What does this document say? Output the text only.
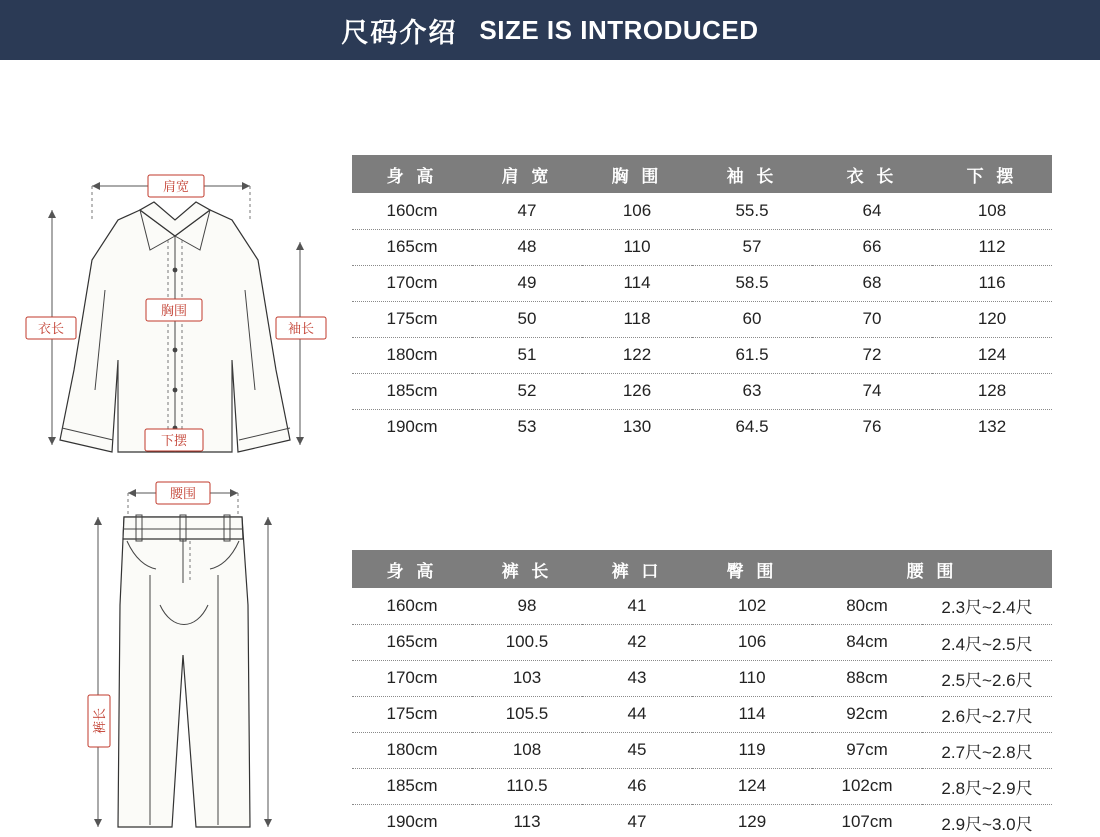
尺码介绍 SIZE IS INTRODUCED
肩宽
胸围
衣长	袖长
下摆
身 高	肩 宽	胸 围	袖 长	衣 长	下 摆
160cm	47	106	55.5	64	108
165cm	48	110	57	66	112
170cm	49	114	58.5	68	116
175cm	50	118	60	70	120
180cm	51	122	61.5	72	124
185cm	52	126	63	74	128
190cm	53	130	64.5	76	132
腰围
裤长
身 高	裤 长	裤 口	臀 围	腰 围	
160cm	98	41	102	80cm	2.3尺~2.4尺
165cm	100.5	42	106	84cm	2.4尺~2.5尺
170cm	103	43	110	88cm	2.5尺~2.6尺
175cm	105.5	44	114	92cm	2.6尺~2.7尺
180cm	108	45	119	97cm	2.7尺~2.8尺
185cm	110.5	46	124	102cm	2.8尺~2.9尺
190cm	113	47	129	107cm	2.9尺~3.0尺
